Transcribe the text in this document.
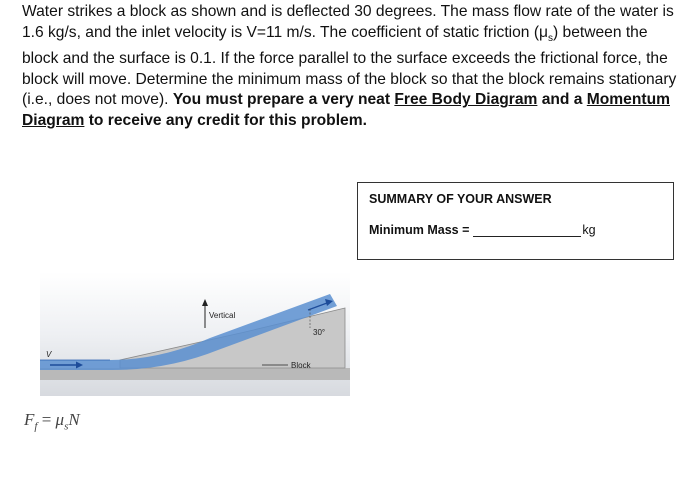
Water strikes a block as shown and is deflected 30 degrees. The mass flow rate of the water is 1.6 kg/s, and the inlet velocity is V=11 m/s. The coefficient of static friction $(\mu_s)$ between the block and the surface is 0.1. If the force parallel to the surface exceeds the frictional force, the block will move. Determine the minimum mass of the block so that the block remains stationary (i.e., does not move). You must prepare a very neat Free Body Diagram and a Momentum Diagram to receive any credit for this problem.

SUMMARY OF YOUR ANSWER
Minimum Mass =	kg
V
Vertical
30°
Block
$F_f = \mu_sN$
